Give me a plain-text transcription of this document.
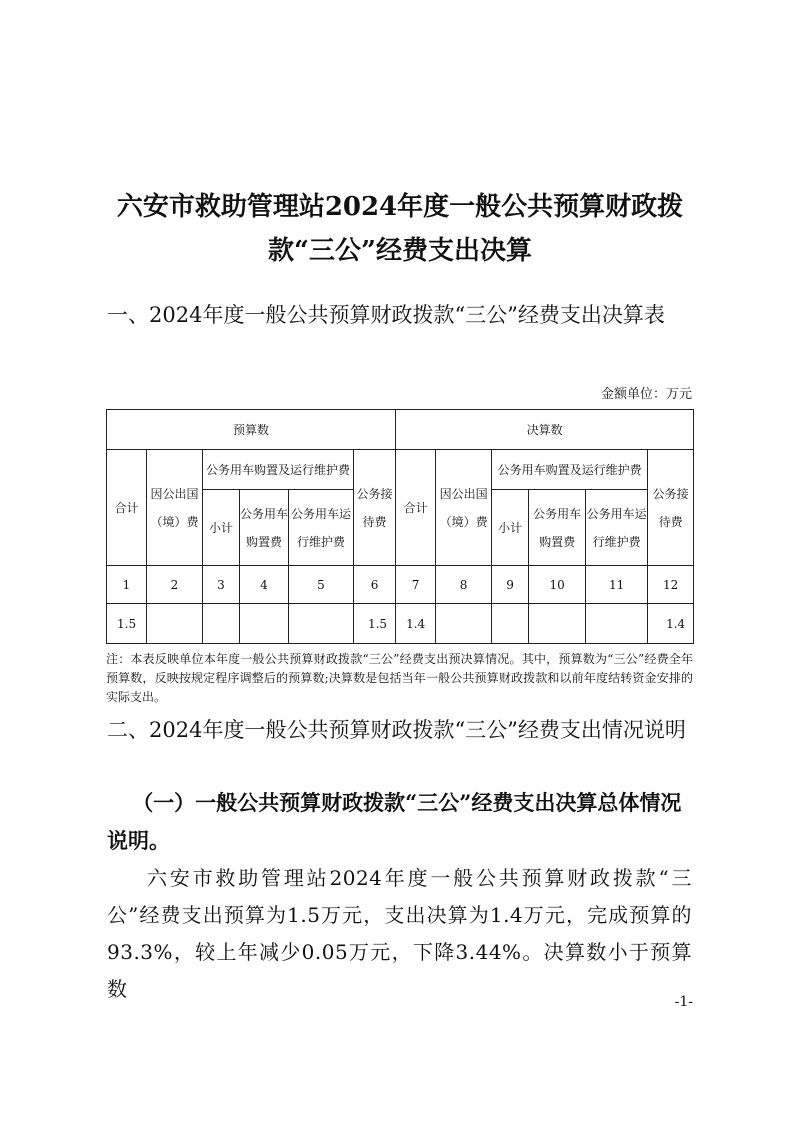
六安市救助管理站2024年度一般公共预算财政拨款“三公”经费支出决算
一、2024年度一般公共预算财政拨款“三公”经费支出决算表
金额单位：万元
预算数						决算数					
合计	因公出国（境）费	公务用车购置及运行维护费			公务接待费	合计	因公出国（境）费	公务用车购置及运行维护费			公务接待费
		小计	公务用车购置费	公务用车运行维护费				小计	公务用车购置费	公务用车运行维护费	
1	2	3	4	5	6	7	8	9	10	11	12
1.5					1.5	1.4					1.4
注：本表反映单位本年度一般公共预算财政拨款“三公”经费支出预决算情况。其中，预算数为“三公”经费全年预算数，反映按规定程序调整后的预算数;决算数是包括当年一般公共预算财政拨款和以前年度结转资金安排的实际支出。
二、2024年度一般公共预算财政拨款“三公”经费支出情况说明
（一）一般公共预算财政拨款“三公”经费支出决算总体情况说明。
六安市救助管理站2024年度一般公共预算财政拨款“三公”经费支出预算为1.5万元，支出决算为1.4万元，完成预算的93.3%，较上年减少0.05万元，下降3.44%。决算数小于预算数
-1-
